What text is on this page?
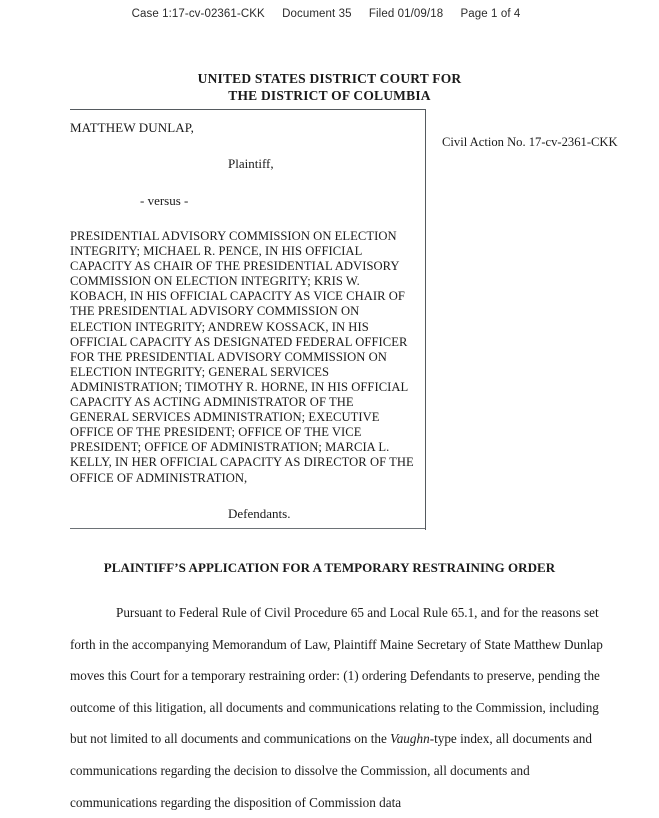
Case 1:17-cv-02361-CKK Document 35 Filed 01/09/18 Page 1 of 4
UNITED STATES DISTRICT COURT FOR
THE DISTRICT OF COLUMBIA
MATTHEW DUNLAP,
Plaintiff,
- versus -
PRESIDENTIAL ADVISORY COMMISSION ON ELECTION INTEGRITY; MICHAEL R. PENCE, IN HIS OFFICIAL CAPACITY AS CHAIR OF THE PRESIDENTIAL ADVISORY COMMISSION ON ELECTION INTEGRITY; KRIS W. KOBACH, IN HIS OFFICIAL CAPACITY AS VICE CHAIR OF THE PRESIDENTIAL ADVISORY COMMISSION ON ELECTION INTEGRITY; ANDREW KOSSACK, IN HIS OFFICIAL CAPACITY AS DESIGNATED FEDERAL OFFICER FOR THE PRESIDENTIAL ADVISORY COMMISSION ON ELECTION INTEGRITY; GENERAL SERVICES ADMINISTRATION; TIMOTHY R. HORNE, IN HIS OFFICIAL CAPACITY AS ACTING ADMINISTRATOR OF THE GENERAL SERVICES ADMINISTRATION; EXECUTIVE OFFICE OF THE PRESIDENT; OFFICE OF THE VICE PRESIDENT; OFFICE OF ADMINISTRATION; MARCIA L. KELLY, IN HER OFFICIAL CAPACITY AS DIRECTOR OF THE OFFICE OF ADMINISTRATION,
Defendants.
Civil Action No. 17-cv-2361-CKK
PLAINTIFF’S APPLICATION FOR A TEMPORARY RESTRAINING ORDER

Pursuant to Federal Rule of Civil Procedure 65 and Local Rule 65.1, and for the reasons set forth in the accompanying Memorandum of Law, Plaintiff Maine Secretary of State Matthew Dunlap moves this Court for a temporary restraining order: (1) ordering Defendants to preserve, pending the outcome of this litigation, all documents and communications relating to the Commission, including but not limited to all documents and communications on the Vaughn-type index, all documents and communications regarding the decision to dissolve the Commission, all documents and communications regarding the disposition of Commission data
